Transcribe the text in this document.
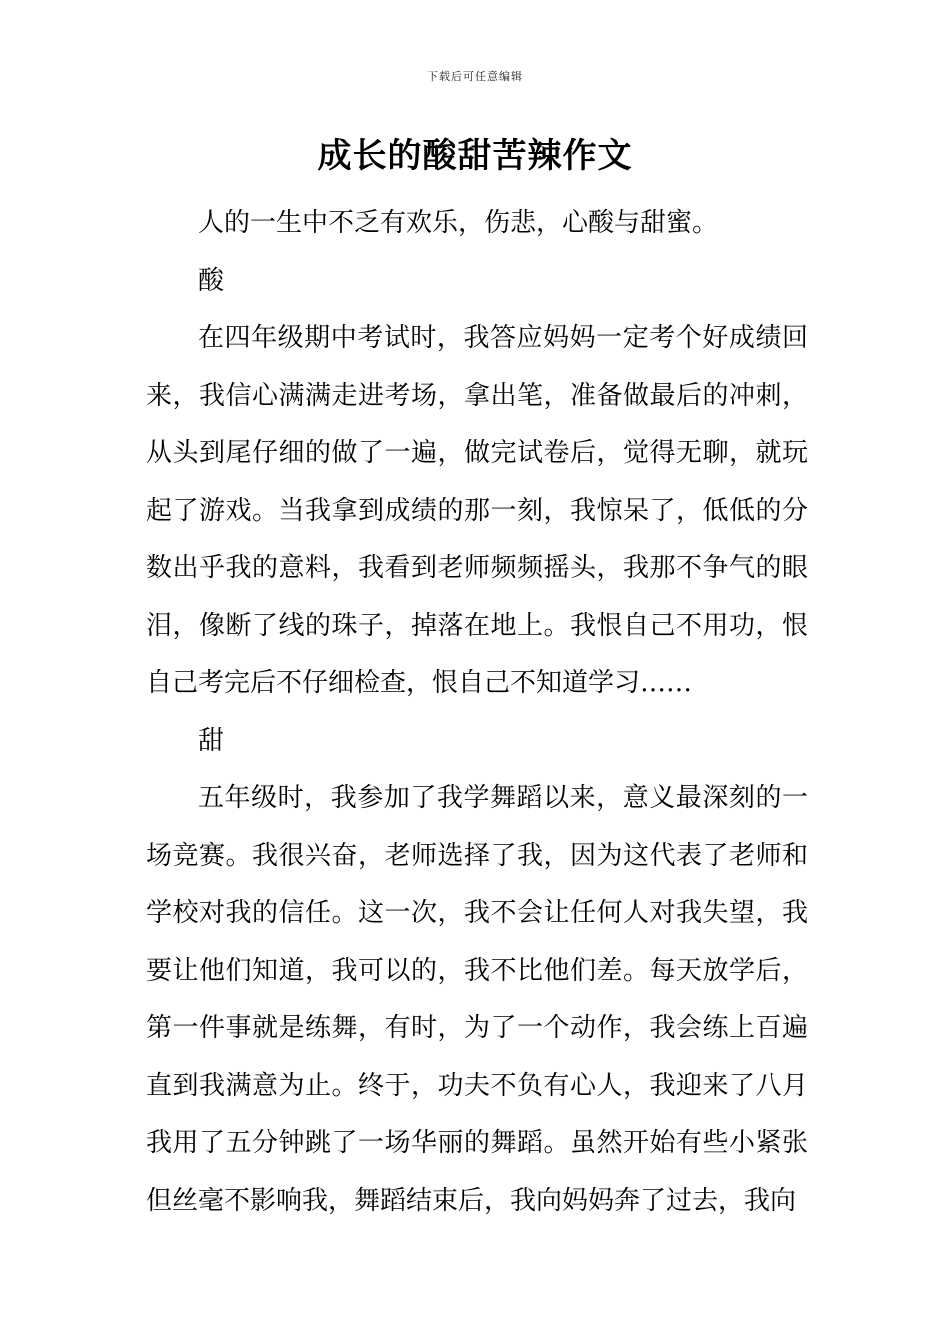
下载后可任意编辑
成长的酸甜苦辣作文

人的一生中不乏有欢乐，伤悲，心酸与甜蜜。

酸

在四年级期中考试时，我答应妈妈一定考个好成绩回来，我信心满满走进考场，拿出笔，准备做最后的冲刺，从头到尾仔细的做了一遍，做完试卷后，觉得无聊，就玩起了游戏。当我拿到成绩的那一刻，我惊呆了，低低的分数出乎我的意料，我看到老师频频摇头，我那不争气的眼泪，像断了线的珠子，掉落在地上。我恨自己不用功，恨自己考完后不仔细检查，恨自己不知道学习……

甜

五年级时，我参加了我学舞蹈以来，意义最深刻的一场竞赛。我很兴奋，老师选择了我，因为这代表了老师和学校对我的信任。这一次，我不会让任何人对我失望，我要让他们知道，我可以的，我不比他们差。每天放学后，第一件事就是练舞，有时，为了一个动作，我会练上百遍直到我满意为止。终于，功夫不负有心人，我迎来了八月我用了五分钟跳了一场华丽的舞蹈。虽然开始有些小紧张但丝毫不影响我，舞蹈结束后，我向妈妈奔了过去，我向
